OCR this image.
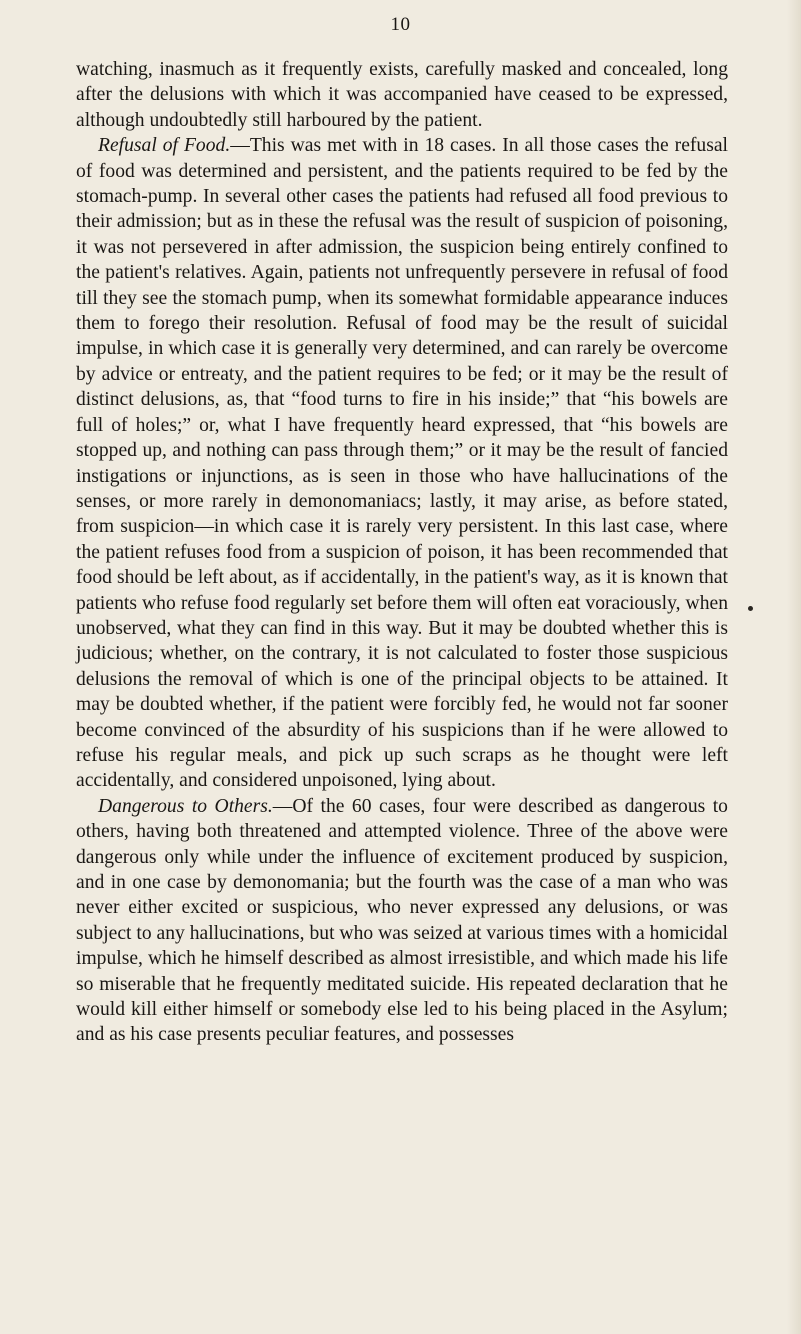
10

watching, inasmuch as it frequently exists, carefully masked and concealed, long after the delusions with which it was accompanied have ceased to be expressed, although undoubtedly still harboured by the patient.

Refusal of Food.—This was met with in 18 cases. In all those cases the refusal of food was determined and persistent, and the patients required to be fed by the stomach-pump. In several other cases the patients had refused all food previous to their admission; but as in these the refusal was the result of suspicion of poisoning, it was not persevered in after admission, the suspicion being entirely confined to the patient's relatives. Again, patients not unfrequently persevere in refusal of food till they see the stomach pump, when its somewhat formidable appearance induces them to forego their resolution. Refusal of food may be the result of suicidal impulse, in which case it is generally very determined, and can rarely be overcome by advice or entreaty, and the patient requires to be fed; or it may be the result of distinct delusions, as, that “food turns to fire in his inside;” that “his bowels are full of holes;” or, what I have frequently heard expressed, that “his bowels are stopped up, and nothing can pass through them;” or it may be the result of fancied instigations or injunctions, as is seen in those who have hallucinations of the senses, or more rarely in demonomaniacs; lastly, it may arise, as before stated, from suspicion—in which case it is rarely very persistent. In this last case, where the patient refuses food from a suspicion of poison, it has been recommended that food should be left about, as if accidentally, in the patient's way, as it is known that patients who refuse food regularly set before them will often eat voraciously, when unobserved, what they can find in this way. But it may be doubted whether this is judicious; whether, on the contrary, it is not calculated to foster those suspicious delusions the removal of which is one of the principal objects to be attained. It may be doubted whether, if the patient were forcibly fed, he would not far sooner become convinced of the absurdity of his suspicions than if he were allowed to refuse his regular meals, and pick up such scraps as he thought were left accidentally, and considered unpoisoned, lying about.

Dangerous to Others.—Of the 60 cases, four were described as dangerous to others, having both threatened and attempted violence. Three of the above were dangerous only while under the influence of excitement produced by suspicion, and in one case by demonomania; but the fourth was the case of a man who was never either excited or suspicious, who never expressed any delusions, or was subject to any hallucinations, but who was seized at various times with a homicidal impulse, which he himself described as almost irresistible, and which made his life so miserable that he frequently meditated suicide. His repeated declaration that he would kill either himself or somebody else led to his being placed in the Asylum; and as his case presents peculiar features, and possesses
